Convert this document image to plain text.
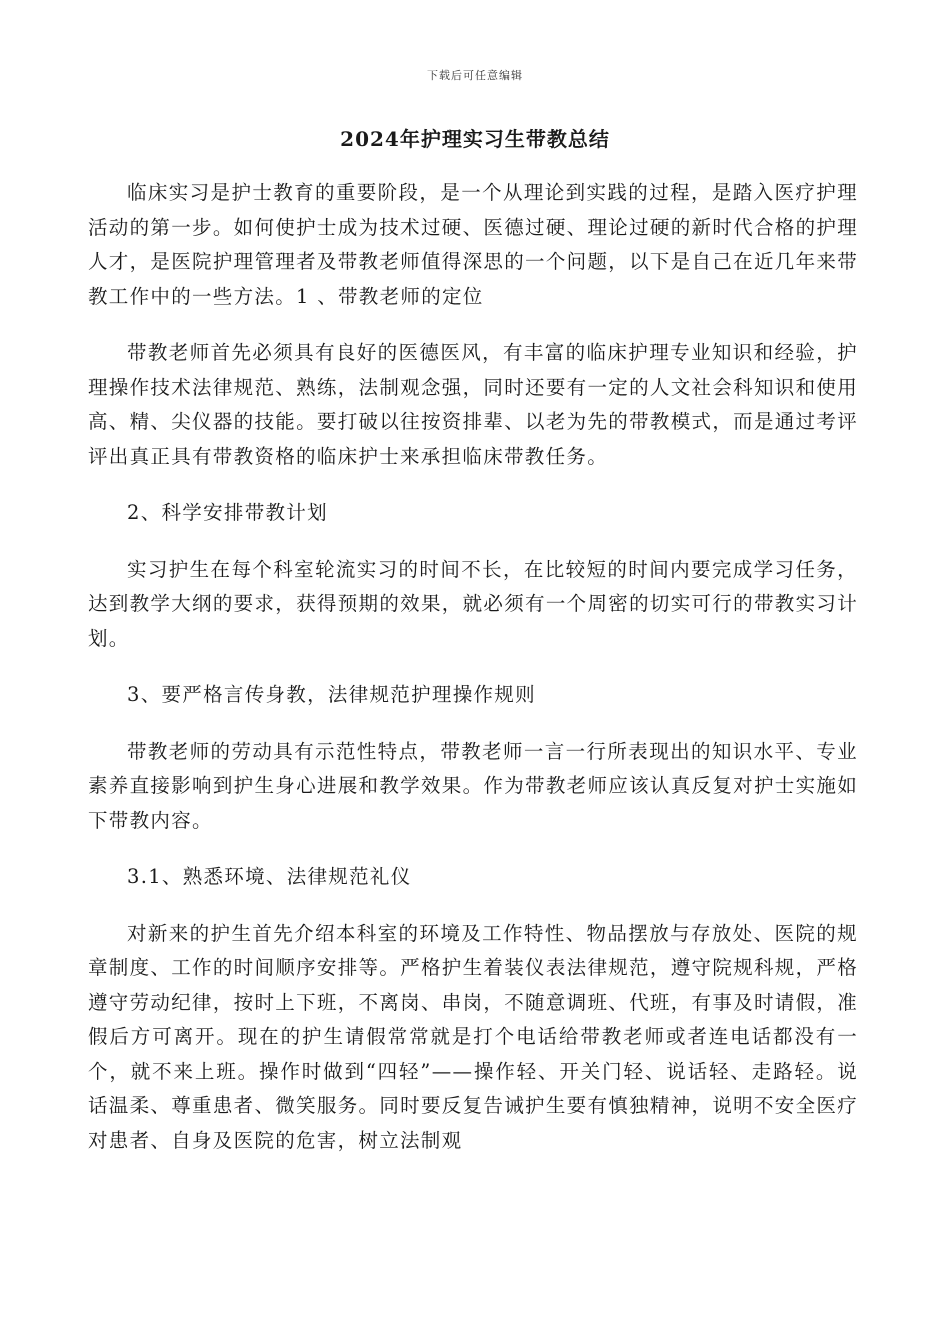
下载后可任意编辑
2024年护理实习生带教总结

临床实习是护士教育的重要阶段，是一个从理论到实践的过程，是踏入医疗护理活动的第一步。如何使护士成为技术过硬、医德过硬、理论过硬的新时代合格的护理人才，是医院护理管理者及带教老师值得深思的一个问题，以下是自己在近几年来带教工作中的一些方法。1 、带教老师的定位

带教老师首先必须具有良好的医德医风，有丰富的临床护理专业知识和经验，护理操作技术法律规范、熟练，法制观念强，同时还要有一定的人文社会科知识和使用高、精、尖仪器的技能。要打破以往按资排辈、以老为先的带教模式，而是通过考评评出真正具有带教资格的临床护士来承担临床带教任务。

2、科学安排带教计划

实习护生在每个科室轮流实习的时间不长，在比较短的时间内要完成学习任务，达到教学大纲的要求，获得预期的效果，就必须有一个周密的切实可行的带教实习计划。

3、要严格言传身教，法律规范护理操作规则

带教老师的劳动具有示范性特点，带教老师一言一行所表现出的知识水平、专业素养直接影响到护生身心进展和教学效果。作为带教老师应该认真反复对护士实施如下带教内容。

3.1、熟悉环境、法律规范礼仪

对新来的护生首先介绍本科室的环境及工作特性、物品摆放与存放处、医院的规章制度、工作的时间顺序安排等。严格护生着装仪表法律规范，遵守院规科规，严格遵守劳动纪律，按时上下班，不离岗、串岗，不随意调班、代班，有事及时请假，准假后方可离开。现在的护生请假常常就是打个电话给带教老师或者连电话都没有一个，就不来上班。操作时做到“四轻”——操作轻、开关门轻、说话轻、走路轻。说话温柔、尊重患者、微笑服务。同时要反复告诫护生要有慎独精神，说明不安全医疗对患者、自身及医院的危害，树立法制观
